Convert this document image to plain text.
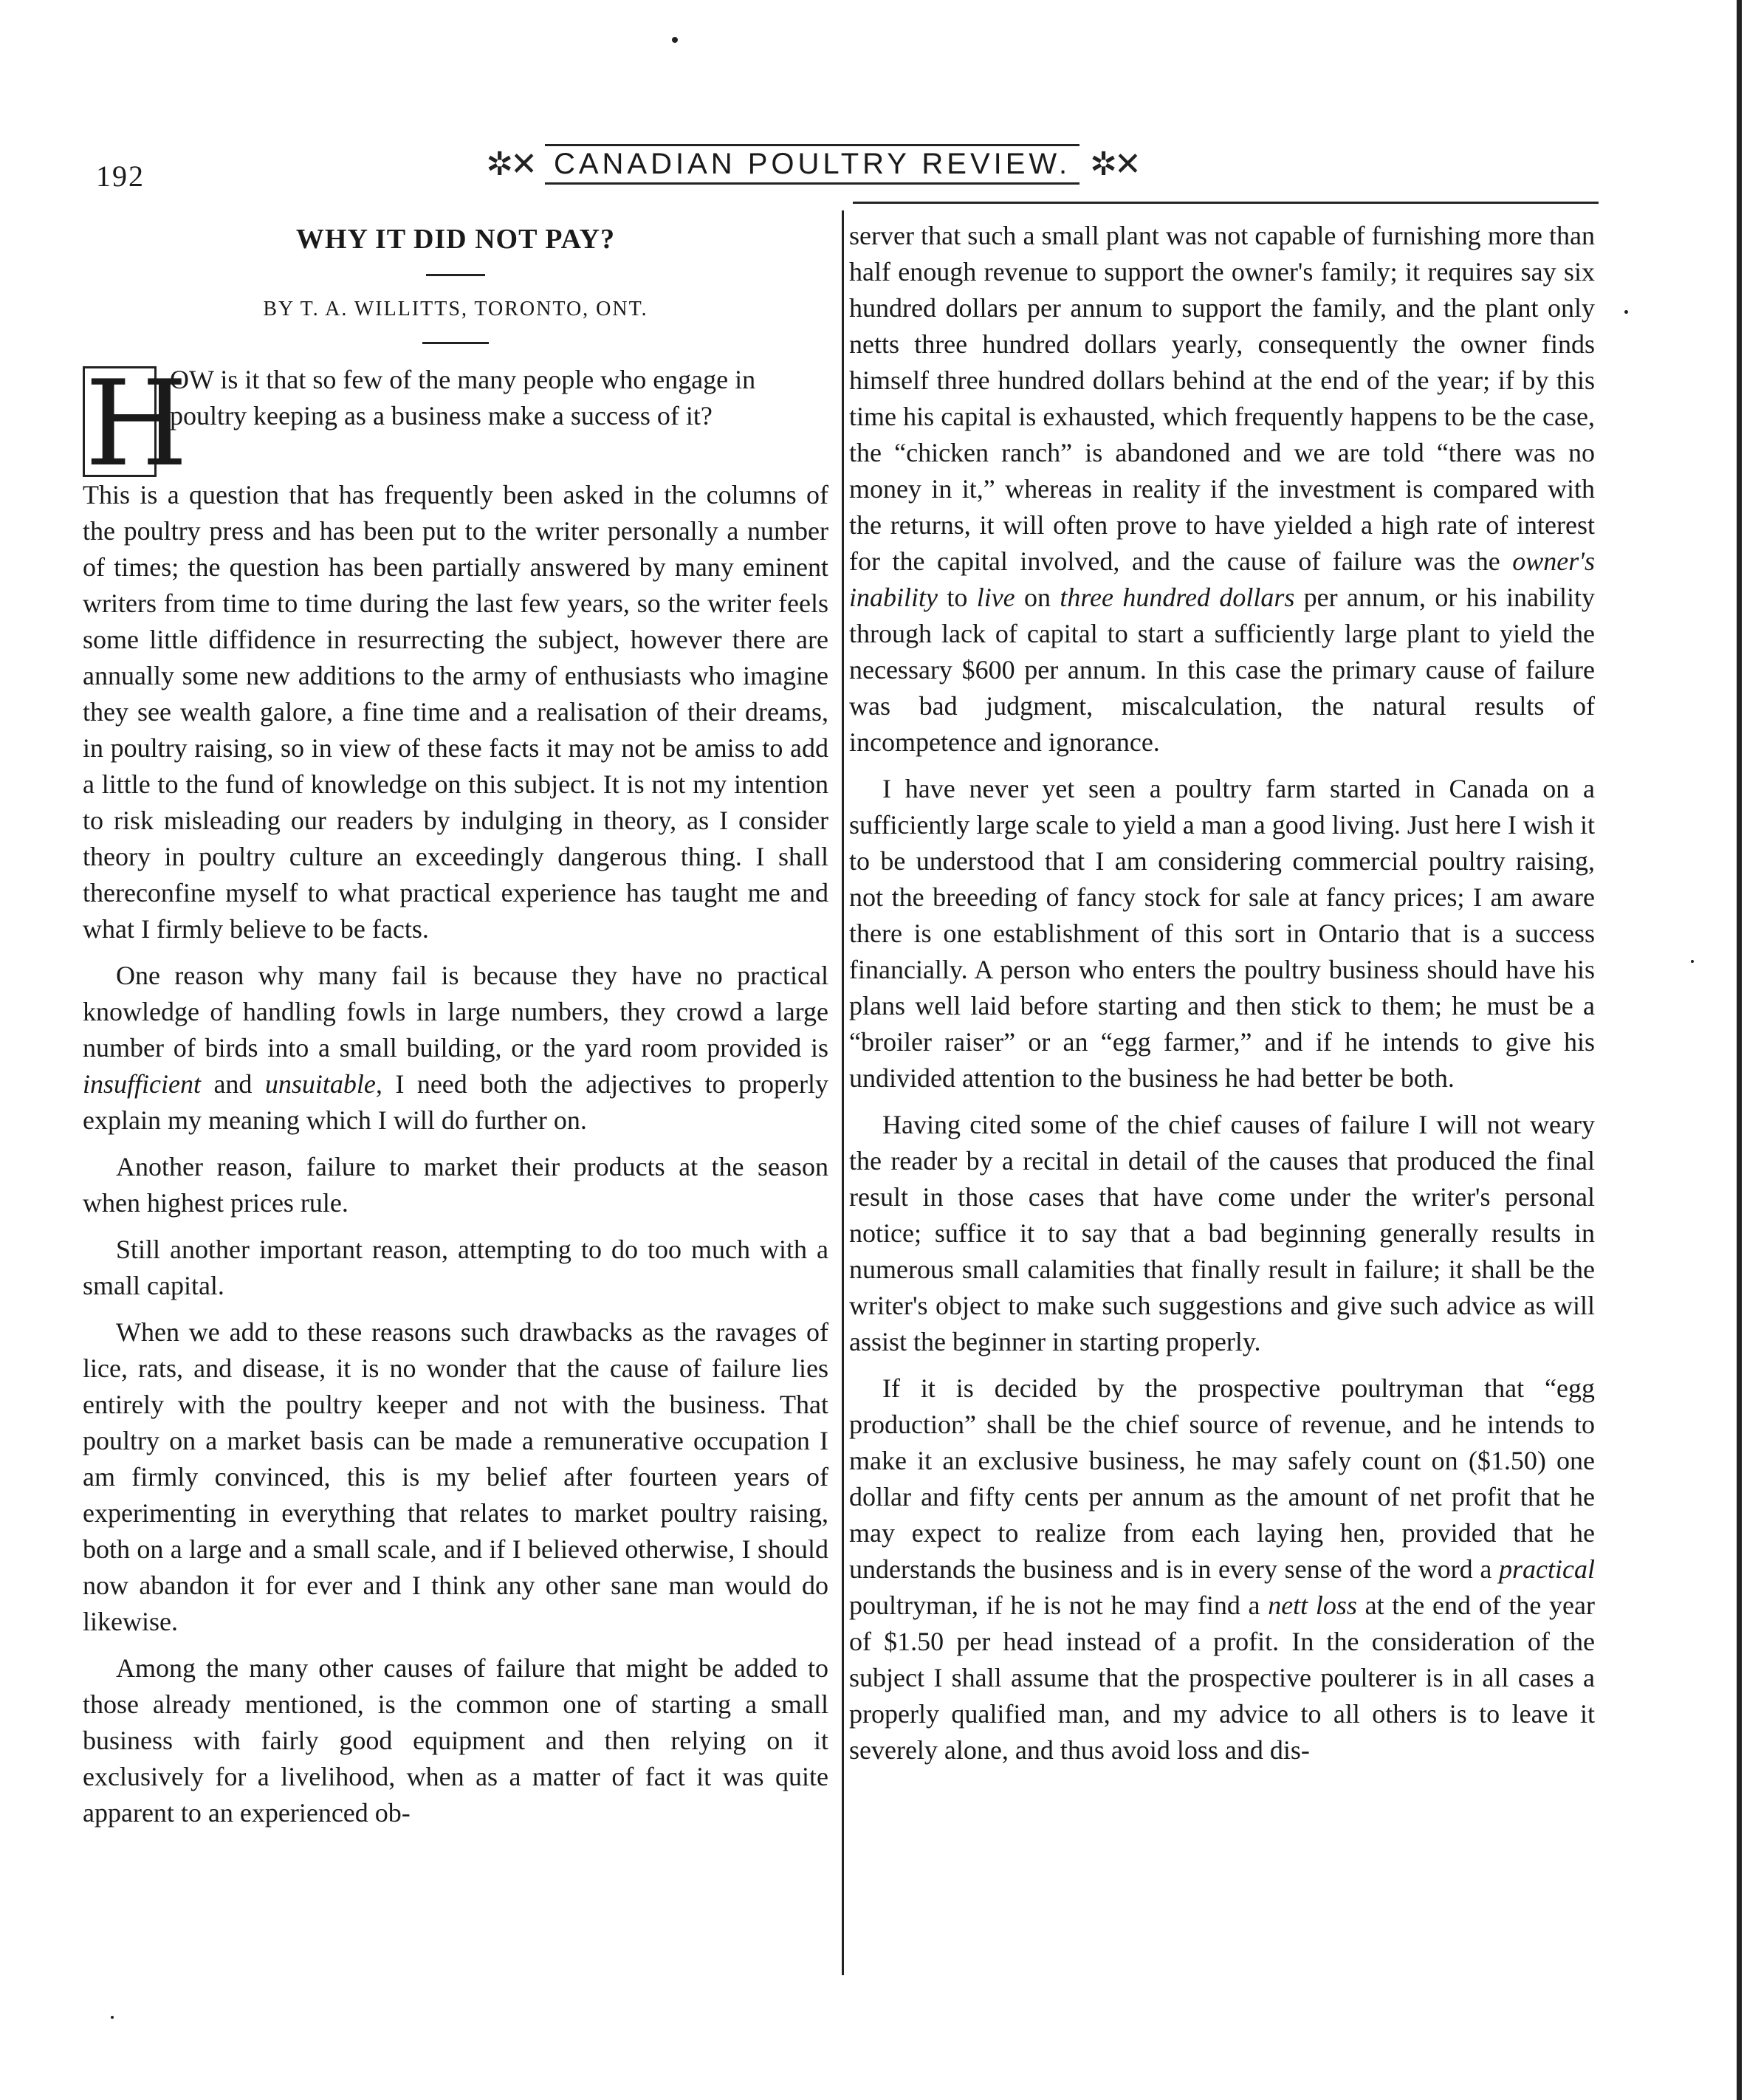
192	✲✕ CANADIAN POULTRY REVIEW. ✲✕

WHY IT DID NOT PAY?

BY T. A. WILLITTS, TORONTO, ONT.

H
OW is it that so few of the many people who engage in poultry keeping as a business make a success of it?

This is a question that has frequently been asked in the columns of the poultry press and has been put to the writer personally a number of times; the question has been partially answered by many eminent writers from time to time during the last few years, so the writer feels some little diffidence in resurrecting the subject, however there are annually some new additions to the army of enthusiasts who imagine they see wealth galore, a fine time and a realisation of their dreams, in poultry raising, so in view of these facts it may not be amiss to add a little to the fund of knowledge on this subject. It is not my intention to risk misleading our readers by indulging in theory, as I consider theory in poultry culture an exceedingly dangerous thing. I shall thereconfine myself to what practical experience has taught me and what I firmly believe to be facts.

One reason why many fail is because they have no practical knowledge of handling fowls in large numbers, they crowd a large number of birds into a small building, or the yard room provided is insufficient and unsuitable, I need both the adjectives to properly explain my meaning which I will do further on.

Another reason, failure to market their products at the season when highest prices rule.

Still another important reason, attempting to do too much with a small capital.

When we add to these reasons such drawbacks as the ravages of lice, rats, and disease, it is no wonder that the cause of failure lies entirely with the poultry keeper and not with the business. That poultry on a market basis can be made a remunerative occupation I am firmly convinced, this is my belief after fourteen years of experimenting in everything that relates to market poultry raising, both on a large and a small scale, and if I believed otherwise, I should now abandon it for ever and I think any other sane man would do likewise.

Among the many other causes of failure that might be added to those already mentioned, is the common one of starting a small business with fairly good equipment and then relying on it exclusively for a livelihood, when as a matter of fact it was quite apparent to an experienced ob-

server that such a small plant was not capable of furnishing more than half enough revenue to support the owner's family; it requires say six hundred dollars per annum to support the family, and the plant only netts three hundred dollars yearly, consequently the owner finds himself three hundred dollars behind at the end of the year; if by this time his capital is exhausted, which frequently happens to be the case, the “chicken ranch” is abandoned and we are told “there was no money in it,” whereas in reality if the investment is compared with the returns, it will often prove to have yielded a high rate of interest for the capital involved, and the cause of failure was the owner's inability to live on three hundred dollars per annum, or his inability through lack of capital to start a sufficiently large plant to yield the necessary $600 per annum. In this case the primary cause of failure was bad judgment, miscalculation, the natural results of incompetence and ignorance.

I have never yet seen a poultry farm started in Canada on a sufficiently large scale to yield a man a good living. Just here I wish it to be understood that I am considering commercial poultry raising, not the breeeding of fancy stock for sale at fancy prices; I am aware there is one establishment of this sort in Ontario that is a success financially. A person who enters the poultry business should have his plans well laid before starting and then stick to them; he must be a “broiler raiser” or an “egg farmer,” and if he intends to give his undivided attention to the business he had better be both.

Having cited some of the chief causes of failure I will not weary the reader by a recital in detail of the causes that produced the final result in those cases that have come under the writer's personal notice; suffice it to say that a bad beginning generally results in numerous small calamities that finally result in failure; it shall be the writer's object to make such suggestions and give such advice as will assist the beginner in starting properly.

If it is decided by the prospective poultryman that “egg production” shall be the chief source of revenue, and he intends to make it an exclusive business, he may safely count on ($1.50) one dollar and fifty cents per annum as the amount of net profit that he may expect to realize from each laying hen, provided that he understands the business and is in every sense of the word a practical poultryman, if he is not he may find a nett loss at the end of the year of $1.50 per head instead of a profit. In the consideration of the subject I shall assume that the prospective poulterer is in all cases a properly qualified man, and my advice to all others is to leave it severely alone, and thus avoid loss and dis-
